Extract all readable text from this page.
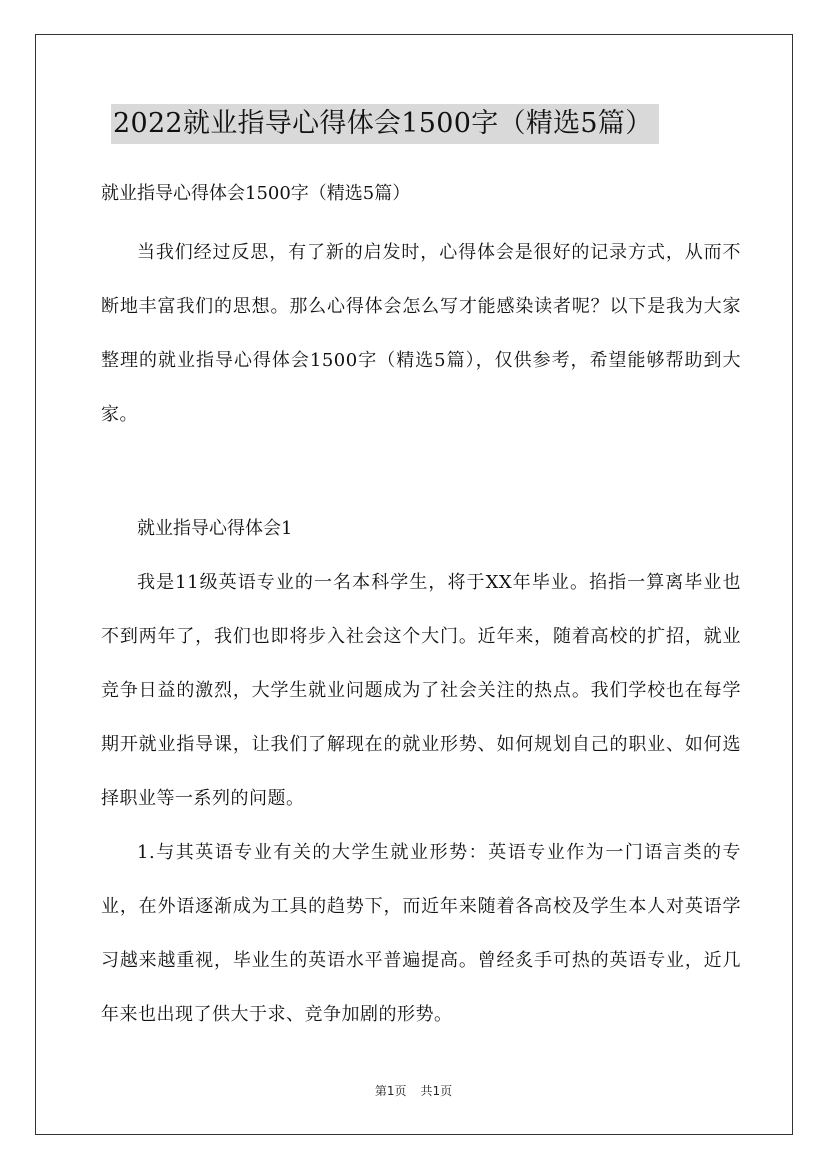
2022就业指导心得体会1500字（精选5篇）

就业指导心得体会1500字（精选5篇）

当我们经过反思，有了新的启发时，心得体会是很好的记录方式，从而不断地丰富我们的思想。那么心得体会怎么写才能感染读者呢？以下是我为大家整理的就业指导心得体会1500字（精选5篇），仅供参考，希望能够帮助到大家。

就业指导心得体会1

我是11级英语专业的一名本科学生，将于XX年毕业。掐指一算离毕业也不到两年了，我们也即将步入社会这个大门。近年来，随着高校的扩招，就业竞争日益的激烈，大学生就业问题成为了社会关注的热点。我们学校也在每学期开就业指导课，让我们了解现在的就业形势、如何规划自己的职业、如何选择职业等一系列的问题。

1.与其英语专业有关的大学生就业形势：英语专业作为一门语言类的专业，在外语逐渐成为工具的趋势下，而近年来随着各高校及学生本人对英语学习越来越重视，毕业生的英语水平普遍提高。曾经炙手可热的英语专业，近几年来也出现了供大于求、竞争加剧的形势。

第1页 共1页
